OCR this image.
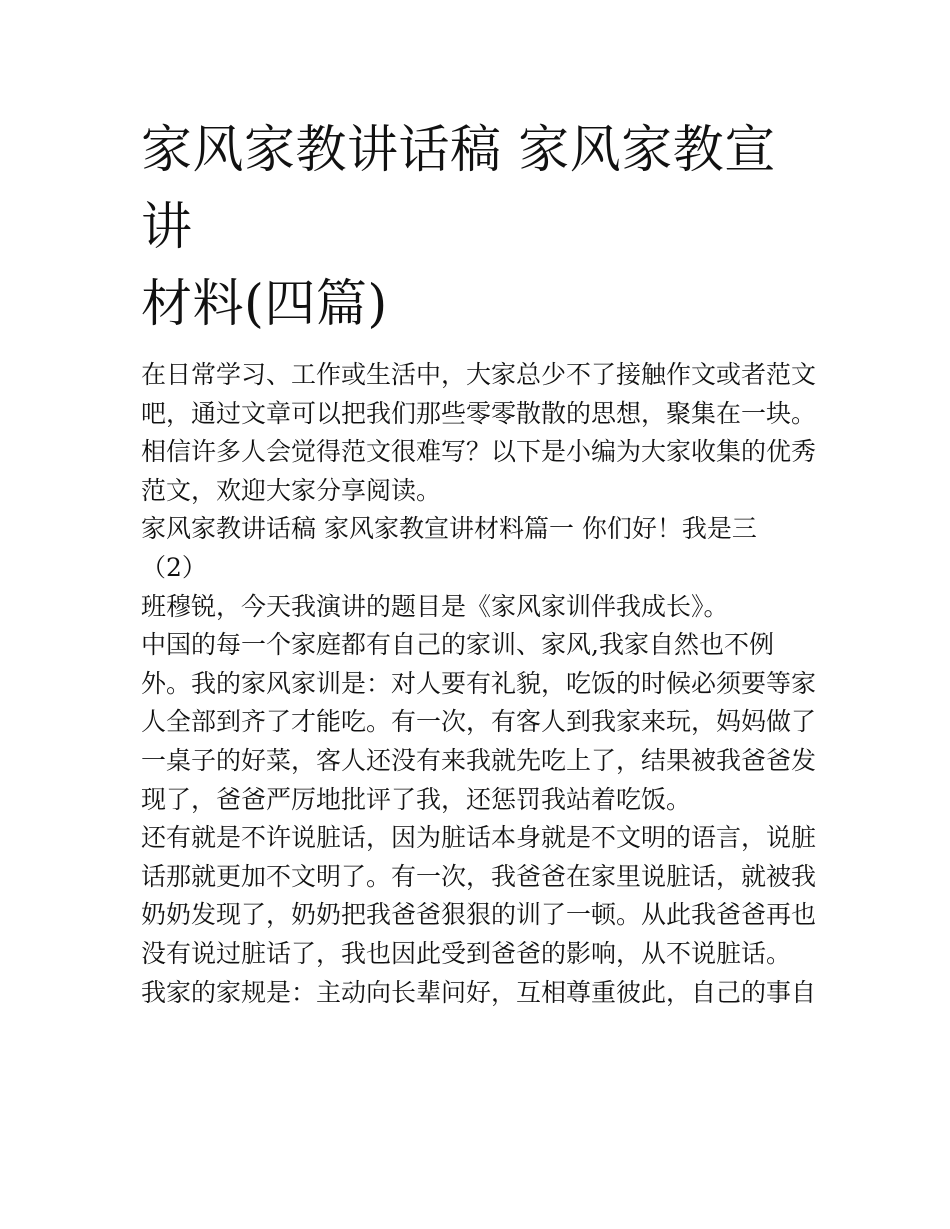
家风家教讲话稿 家风家教宣讲
材料(四篇)

在日常学习、工作或生活中，大家总少不了接触作文或者范文
吧，通过文章可以把我们那些零零散散的思想，聚集在一块。
相信许多人会觉得范文很难写？以下是小编为大家收集的优秀
范文，欢迎大家分享阅读。

家风家教讲话稿 家风家教宣讲材料篇一 你们好！我是三（2）
班穆锐，今天我演讲的题目是《家风家训伴我成长》。

中国的每一个家庭都有自己的家训、家风,我家自然也不例
外。我的家风家训是：对人要有礼貌，吃饭的时候必须要等家
人全部到齐了才能吃。有一次，有客人到我家来玩，妈妈做了
一桌子的好菜，客人还没有来我就先吃上了，结果被我爸爸发
现了，爸爸严厉地批评了我，还惩罚我站着吃饭。

还有就是不许说脏话，因为脏话本身就是不文明的语言，说脏
话那就更加不文明了。有一次，我爸爸在家里说脏话，就被我
奶奶发现了，奶奶把我爸爸狠狠的训了一顿。从此我爸爸再也
没有说过脏话了，我也因此受到爸爸的影响，从不说脏话。

我家的家规是：主动向长辈问好，互相尊重彼此，自己的事自
